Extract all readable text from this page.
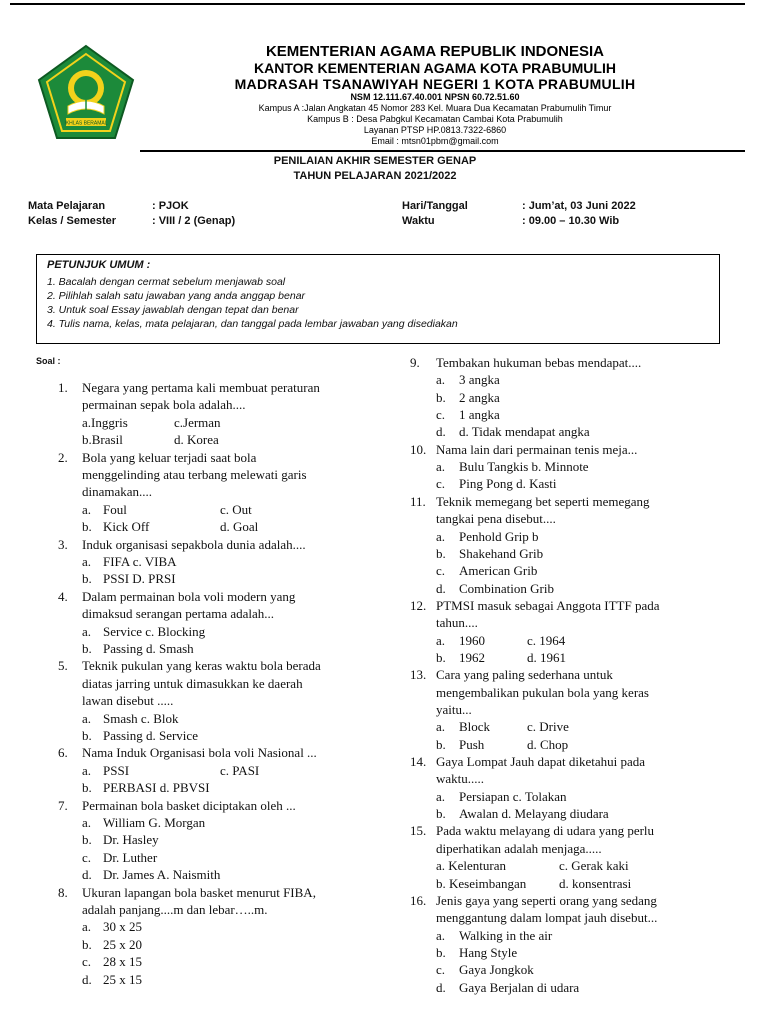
IKHLAS BERAMAL
KEMENTERIAN AGAMA REPUBLIK INDONESIA
KANTOR KEMENTERIAN AGAMA KOTA PRABUMULIH
MADRASAH TSANAWIYAH NEGERI 1 KOTA PRABUMULIH
NSM 12.111.67.40.001 NPSN 60.72.51.60
Kampus A :Jalan Angkatan 45 Nomor 283 Kel. Muara Dua Kecamatan Prabumulih Timur
Kampus B : Desa Pabgkul Kecamatan Cambai Kota Prabumulih
Layanan PTSP HP.0813.7322-6860
Email : mtsn01pbm@gmail.com
PENILAIAN AKHIR SEMESTER GENAP
TAHUN PELAJARAN 2021/2022
Mata Pelajaran	: PJOK
Kelas / Semester	: VIII / 2 (Genap)
Hari/Tanggal	: Jum’at, 03 Juni 2022
Waktu	: 09.00 – 10.30 Wib
PETUNJUK UMUM :
1. Bacalah dengan cermat sebelum menjawab soal
2. Pilihlah salah satu jawaban yang anda anggap benar
3. Untuk soal Essay jawablah dengan tepat dan benar
4. Tulis nama, kelas, mata pelajaran, dan tanggal pada lembar jawaban yang disediakan
Soal :
1. Negara yang pertama kali membuat peraturan
permainan sepak bola adalah....
a.Inggris	c.Jerman
b.Brasil	d. Korea
2. Bola yang keluar terjadi saat bola
menggelinding atau terbang melewati garis
dinamakan....
a. Foul	c. Out
b. Kick Off	d. Goal
3. Induk organisasi sepakbola dunia adalah....
a. FIFA c. VIBA
b. PSSI D. PRSI
4. Dalam permainan bola voli modern yang
dimaksud serangan pertama adalah...
a. Service c. Blocking
b. Passing d. Smash
5. Teknik pukulan yang keras waktu bola berada
diatas jarring untuk dimasukkan ke daerah
lawan disebut .....
a. Smash c. Blok
b. Passing d. Service
6. Nama Induk Organisasi bola voli Nasional ...
a. PSSI	c. PASI
b. PERBASI d. PBVSI
7. Permainan bola basket diciptakan oleh ...
a. William G. Morgan
b. Dr. Hasley
c. Dr. Luther
d. Dr. James A. Naismith
8. Ukuran lapangan bola basket menurut FIBA,
adalah panjang....m dan lebar…..m.
a. 30 x 25
b. 25 x 20
c. 28 x 15
d. 25 x 15
9. Tembakan hukuman bebas mendapat....
a. 3 angka
b. 2 angka
c. 1 angka
d. d. Tidak mendapat angka
10. Nama lain dari permainan tenis meja...
a. Bulu Tangkis b. Minnote
c. Ping Pong d. Kasti
11. Teknik memegang bet seperti memegang
tangkai pena disebut....
a. Penhold Grip b
b. Shakehand Grib
c. American Grib
d. Combination Grib
12. PTMSI masuk sebagai Anggota ITTF pada
tahun....
a. 1960	c. 1964
b. 1962	d. 1961
13. Cara yang paling sederhana untuk
mengembalikan pukulan bola yang keras
yaitu...
a. Block	c. Drive
b. Push	d. Chop
14. Gaya Lompat Jauh dapat diketahui pada
waktu.....
a. Persiapan c. Tolakan
b. Awalan d. Melayang diudara
15. Pada waktu melayang di udara yang perlu
diperhatikan adalah menjaga.....
a. Kelenturan	c. Gerak kaki
b. Keseimbangan	d. konsentrasi
16. Jenis gaya yang seperti orang yang sedang
menggantung dalam lompat jauh disebut...
a. Walking in the air
b. Hang Style
c. Gaya Jongkok
d. Gaya Berjalan di udara
